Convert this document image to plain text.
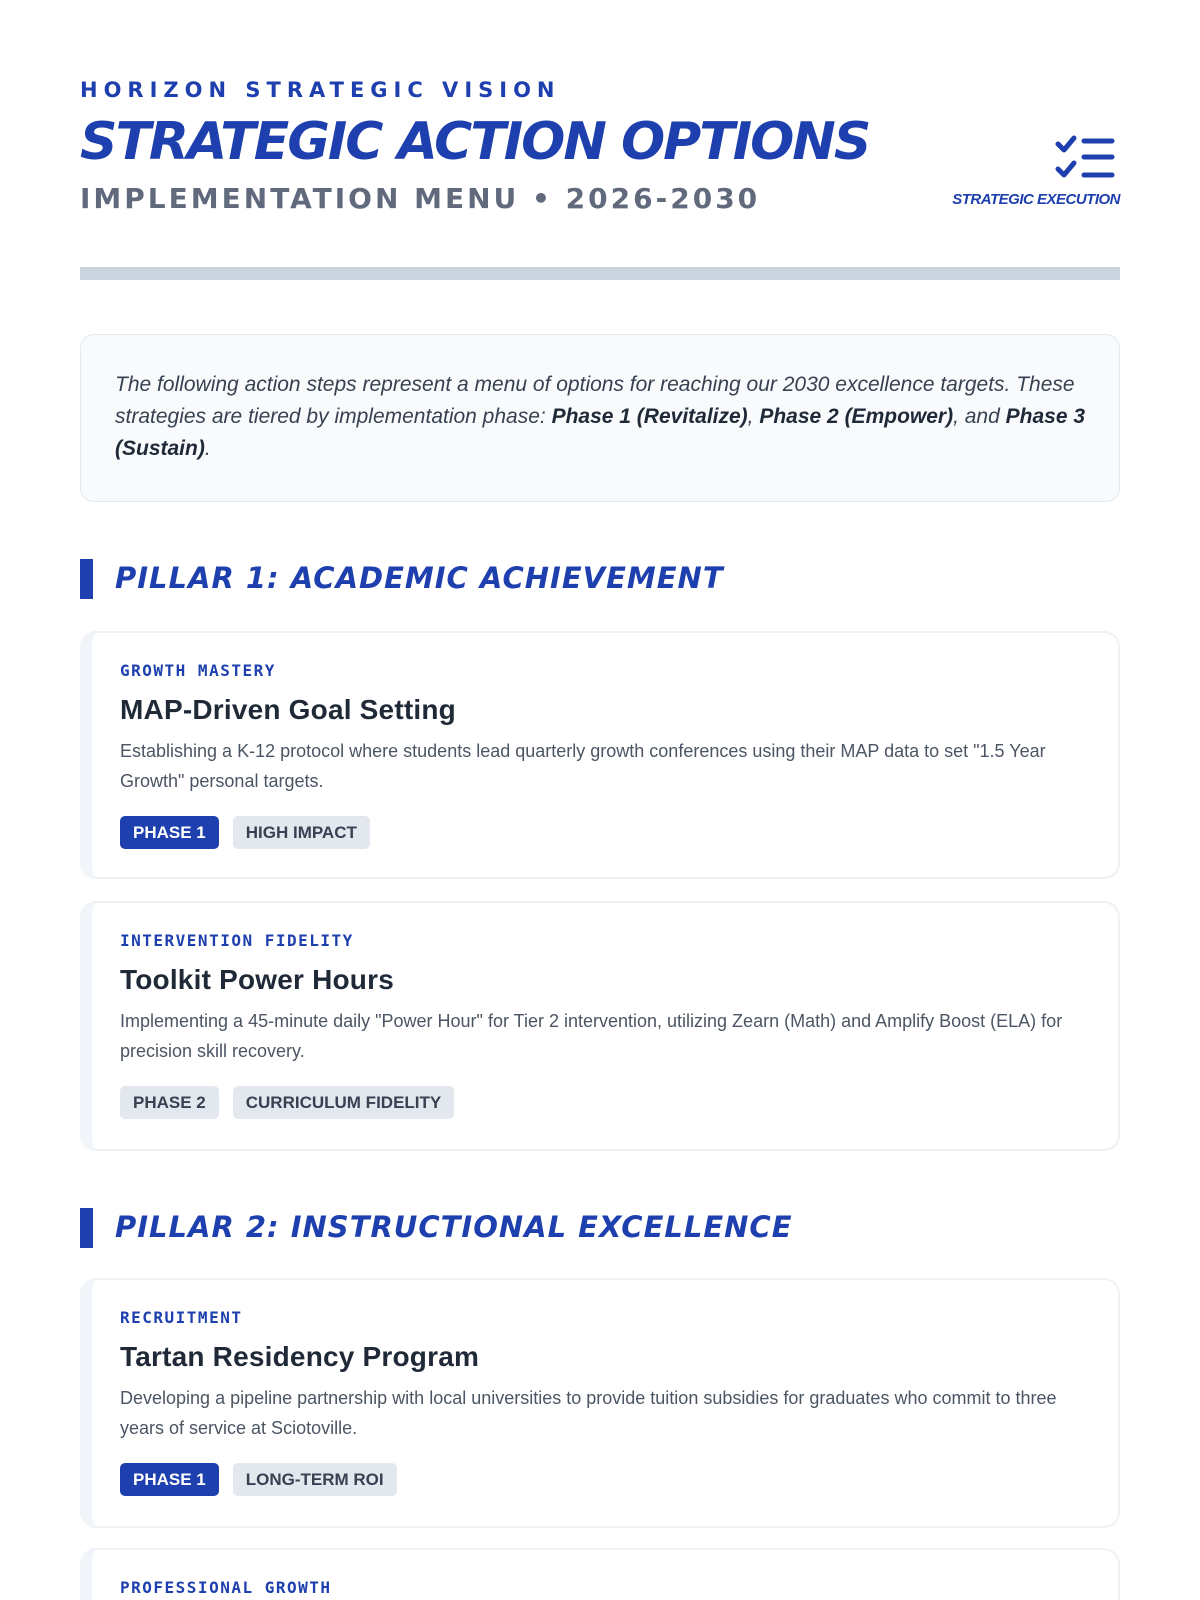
HORIZON STRATEGIC VISION
STRATEGIC ACTION OPTIONS
IMPLEMENTATION MENU • 2026-2030	STRATEGIC EXECUTION
The following action steps represent a menu of options for reaching our 2030 excellence targets. These strategies are tiered by implementation phase: Phase 1 (Revitalize), Phase 2 (Empower), and Phase 3 (Sustain).
PILLAR 1: ACADEMIC ACHIEVEMENT
GROWTH MASTERY
MAP-Driven Goal Setting
Establishing a K-12 protocol where students lead quarterly growth conferences using their MAP data to set "1.5 Year Growth" personal targets.
PHASE 1	HIGH IMPACT
INTERVENTION FIDELITY
Toolkit Power Hours
Implementing a 45-minute daily "Power Hour" for Tier 2 intervention, utilizing Zearn (Math) and Amplify Boost (ELA) for precision skill recovery.
PHASE 2	CURRICULUM FIDELITY
PILLAR 2: INSTRUCTIONAL EXCELLENCE
RECRUITMENT
Tartan Residency Program
Developing a pipeline partnership with local universities to provide tuition subsidies for graduates who commit to three years of service at Sciotoville.
PHASE 1	LONG-TERM ROI
PROFESSIONAL GROWTH
